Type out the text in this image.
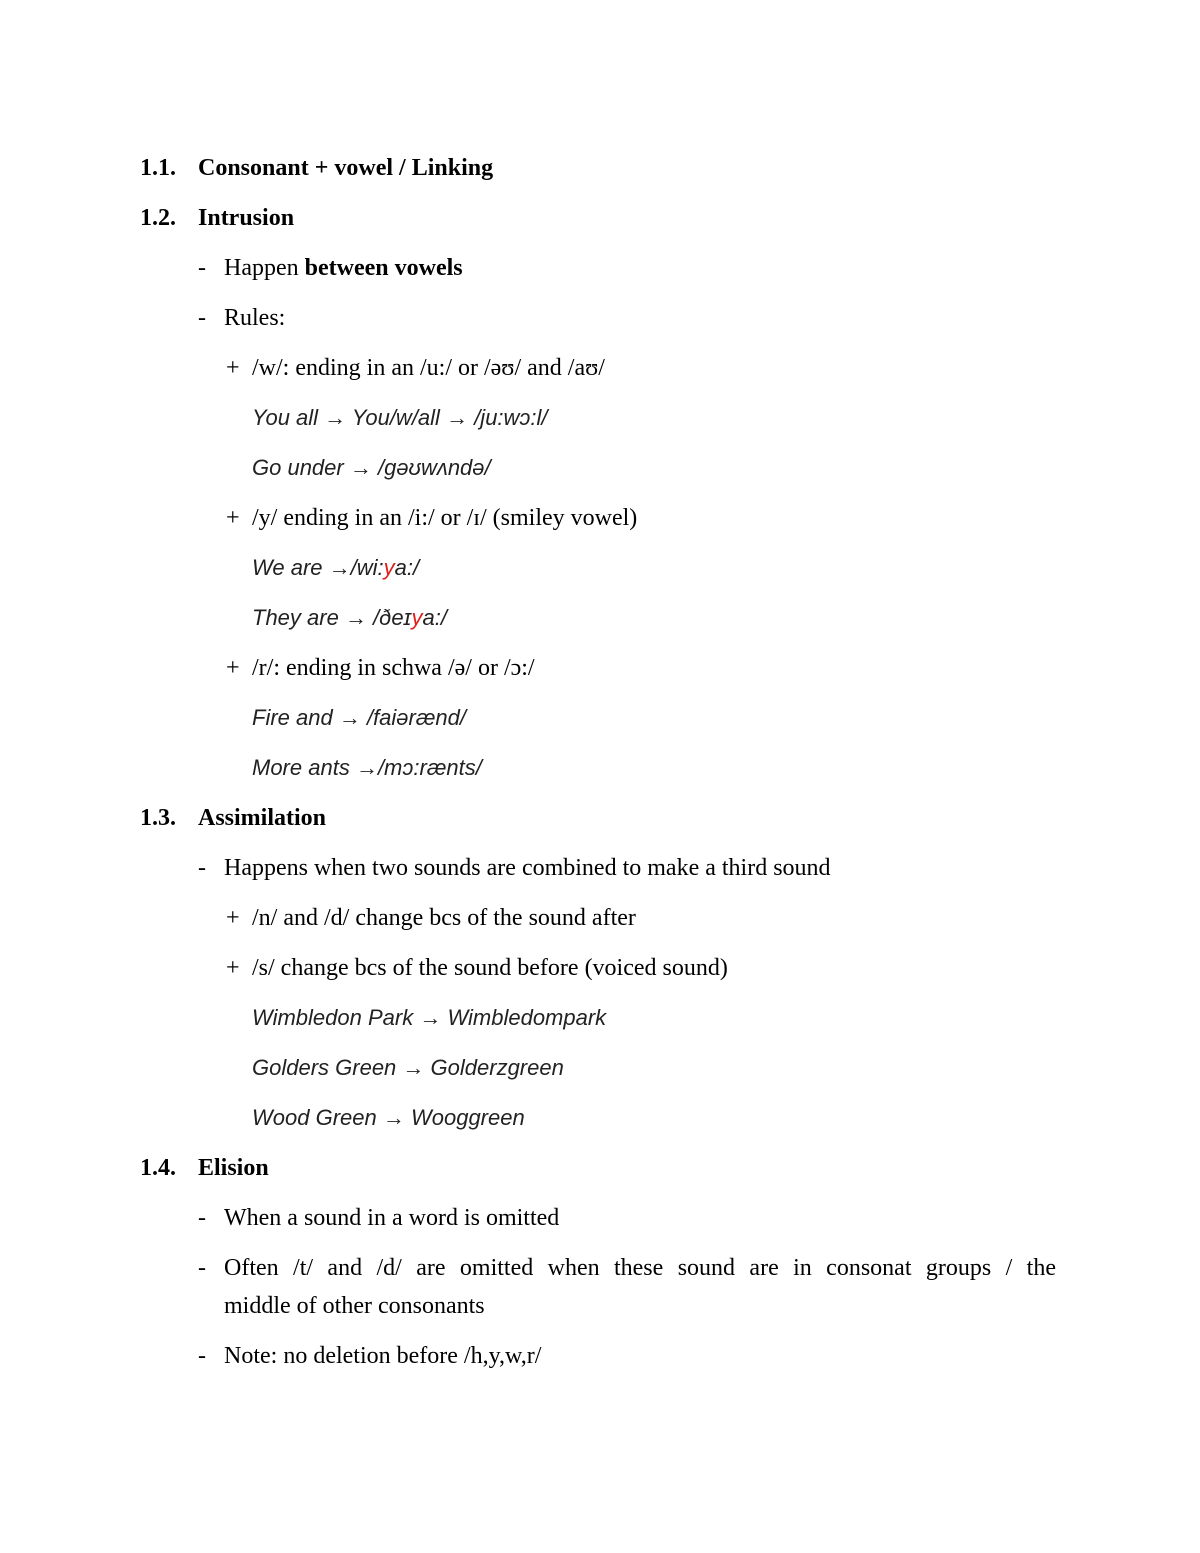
1.1. Consonant + vowel / Linking
1.2. Intrusion
- Happen between vowels
- Rules:
+ /w/: ending in an /u:/ or /əʊ/ and /aʊ/
You all → You/w/all → /ju:wɔ:l/
Go under → /gəʊwʌndə/
+ /y/ ending in an /i:/ or /ɪ/ (smiley vowel)
We are →/wi:ya:/
They are → /ðeɪya:/
+ /r/: ending in schwa /ə/ or /ɔ:/
Fire and → /faiərænd/
More ants →/mɔ:rænts/
1.3. Assimilation
- Happens when two sounds are combined to make a third sound
+ /n/ and /d/ change bcs of the sound after
+ /s/ change bcs of the sound before (voiced sound)
Wimbledon Park → Wimbledompark
Golders Green → Golderzgreen
Wood Green → Wooggreen
1.4. Elision
- When a sound in a word is omitted
- Often /t/ and /d/ are omitted when these sound are in consonat groups / the
middle of other consonants
- Note: no deletion before /h,y,w,r/
